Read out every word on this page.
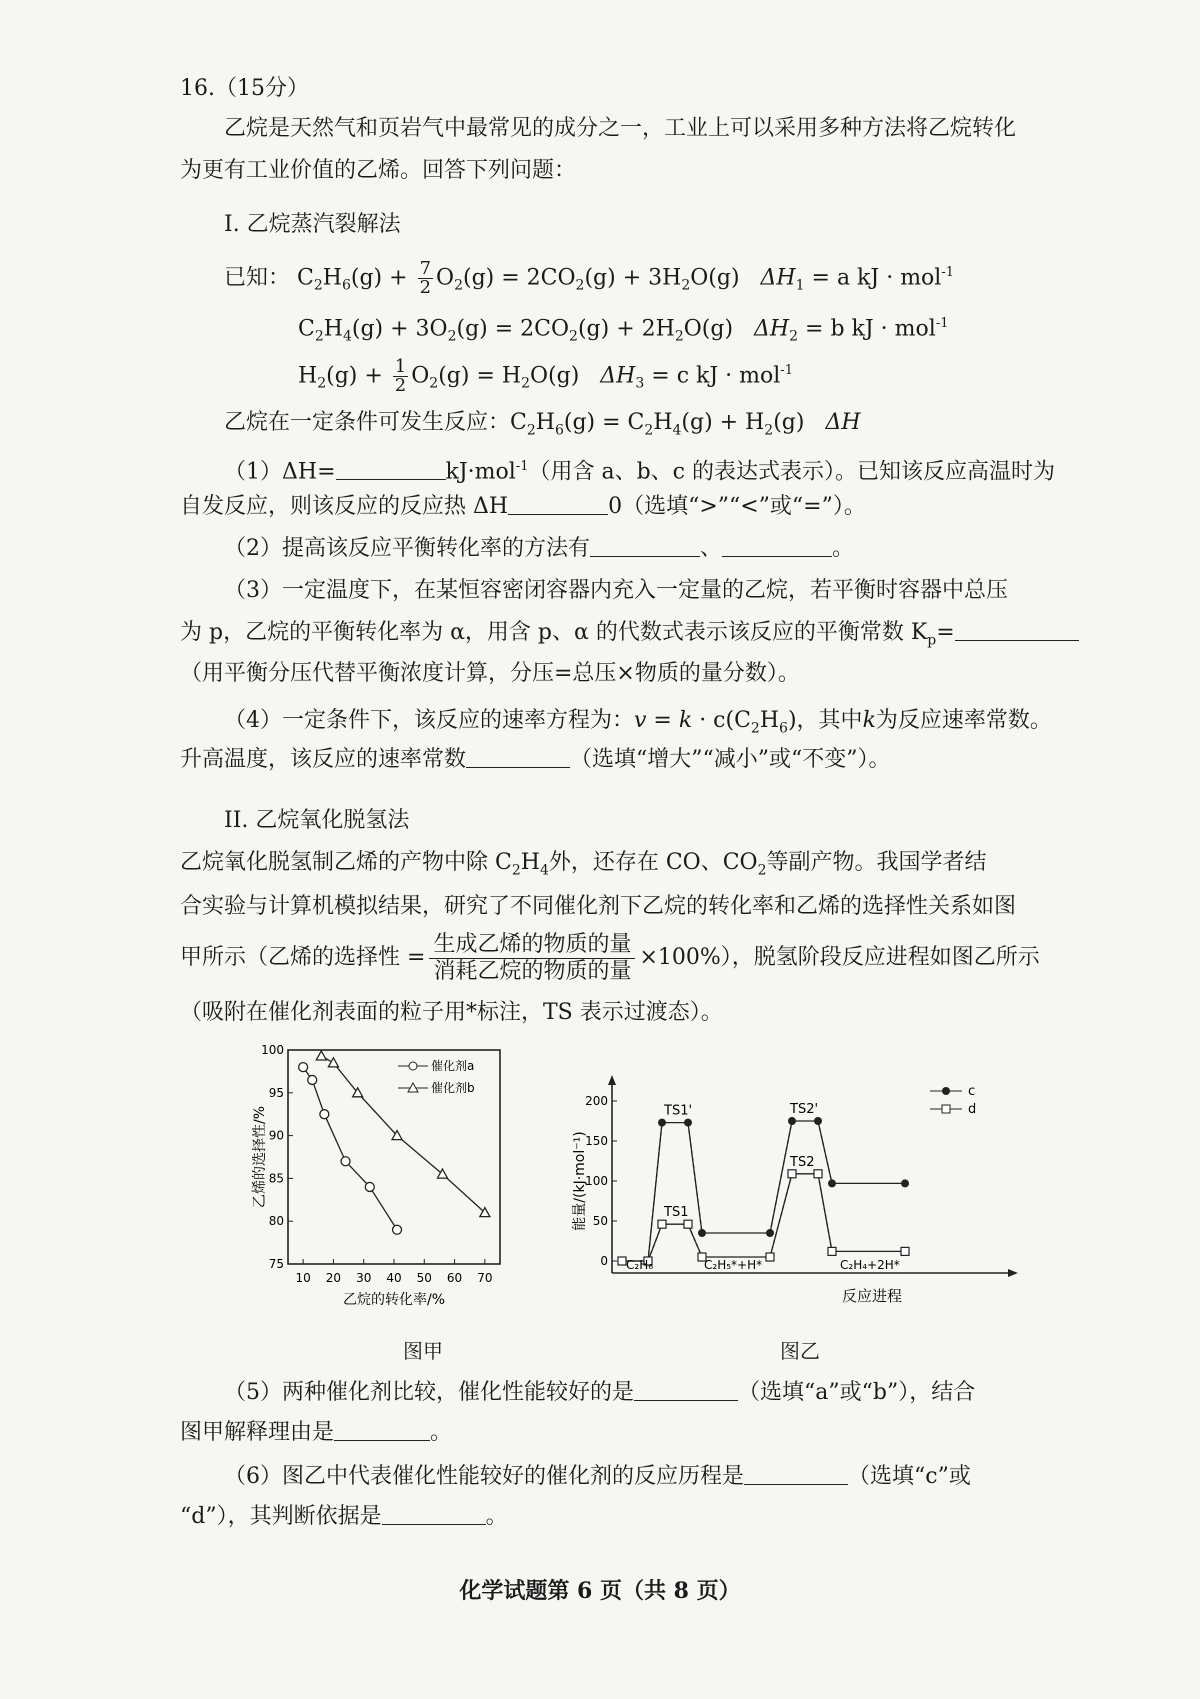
16.（15分）
乙烷是天然气和页岩气中最常见的成分之一，工业上可以采用多种方法将乙烷转化
为更有工业价值的乙烯。回答下列问题：
I. 乙烷蒸汽裂解法
已知： $C_2H_6(g) + \frac{7}{2} O_2(g) = 2CO_2(g) + 3H_2O(g) \Delta H_1 = a$ kJ · mol$^{-1}$
$C_2H_4(g) + 3O_2(g) = 2CO_2(g) + 2H_2O(g) \Delta H_2 = b$ kJ · mol$^{-1}$
$H_2(g) + \frac{1}{2} O_2(g) = H_2O(g) \Delta H_3 = c$ kJ · mol$^{-1}$
乙烷在一定条件可发生反应：$C_2H_6(g) = C_2H_4(g) + H_2(g)$ ΔH
（1）ΔH=	kJ·mol$^{-1}$（用含 a、b、c 的表达式表示）。已知该反应高温时为
自发反应，则该反应的反应热 ΔH	0（选填“>”“<”或“=”）。
（2）提高该反应平衡转化率的方法有	、	。
（3）一定温度下，在某恒容密闭容器内充入一定量的乙烷，若平衡时容器中总压
为 p，乙烷的平衡转化率为 α，用含 p、α 的代数式表示该反应的平衡常数 $K_p=$
（用平衡分压代替平衡浓度计算，分压=总压×物质的量分数）。
（4）一定条件下，该反应的速率方程为：$v = k \cdot c(C_2H_6)$，其中k为反应速率常数。
升高温度，该反应的速率常数	（选填“增大”“减小”或“不变”）。
II. 乙烷氧化脱氢法
乙烷氧化脱氢制乙烯的产物中除 $C_2H_4$外，还存在 CO、$CO_2$等副产物。我国学者结
合实验与计算机模拟结果，研究了不同催化剂下乙烷的转化率和乙烯的选择性关系如图
甲所示（乙烯的选择性 =
生成乙烯的物质的量
消耗乙烷的物质的量
×100%），脱氢阶段反应进程如图乙所示
（吸附在催化剂表面的粒子用*标注，TS 表示过渡态）。
10 20 30 40 50 60 70
75
80
85
90
95
100
乙烷的转化率/%
乙烯的选择性/%
催化剂a
催化剂b
图甲
0
50
100
150
200
能量/(kJ·mol⁻¹)
反应进程
TS1'	TS2'
TS1
TS2
C₂H₆	C₂H₅*+H*	C₂H₄+2H*
c
d
图乙
（5）两种催化剂比较，催化性能较好的是	（选填“a”或“b”），结合
图甲解释理由是	。
（6）图乙中代表催化性能较好的催化剂的反应历程是	（选填“c”或
“d”），其判断依据是	。
化学试题第 6 页（共 8 页）
